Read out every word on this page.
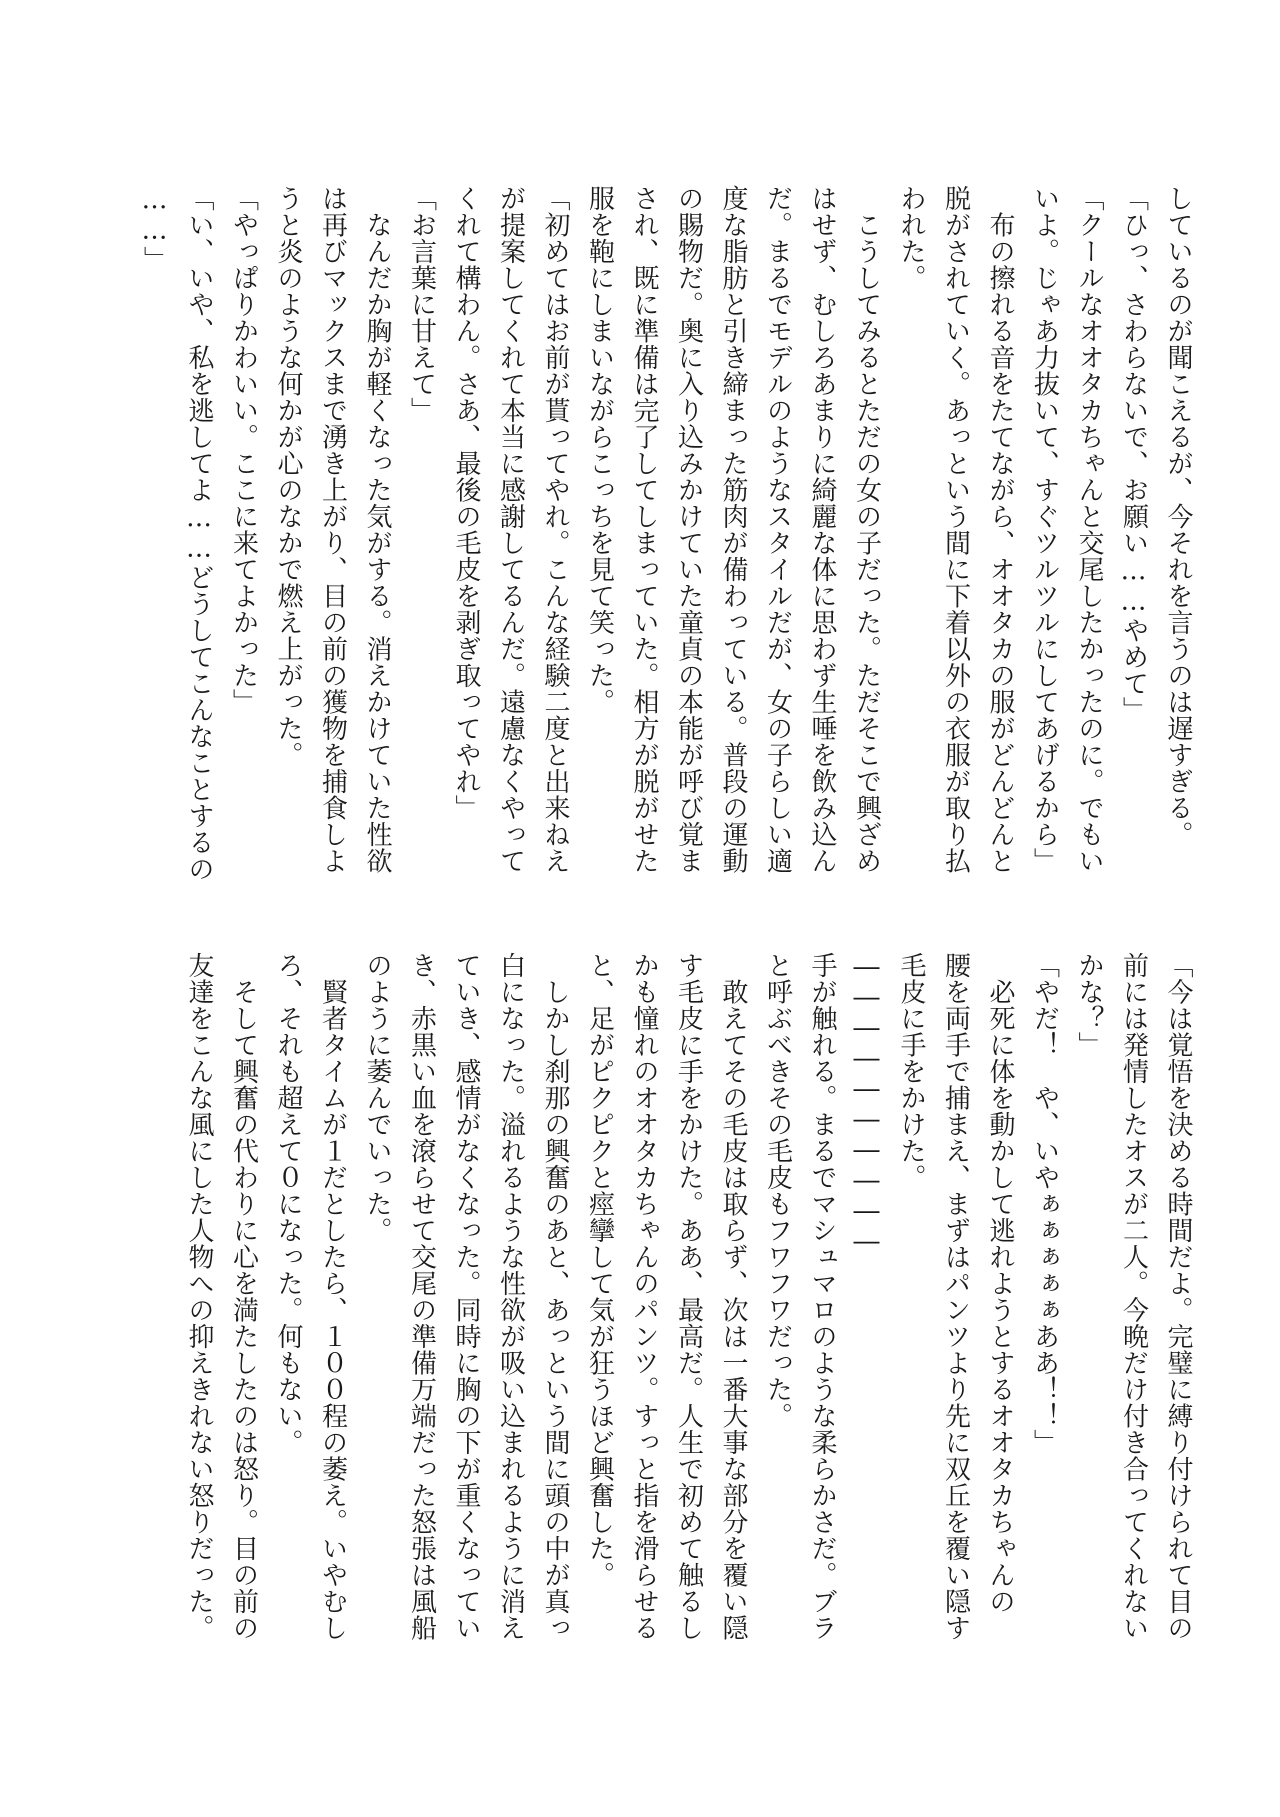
しているのが聞こえるが、今それを言うのは遅すぎる。
「ひっ、さわらないで、お願い……やめて」
「クールなオオタカちゃんと交尾したかったのに。でもい
いよ。じゃあ力抜いて、すぐツルツルにしてあげるから」
　布の擦れる音をたてながら、オオタカの服がどんどんと
脱がされていく。あっという間に下着以外の衣服が取り払
われた。
　こうしてみるとただの女の子だった。ただそこで興ざめ
はせず、むしろあまりに綺麗な体に思わず生唾を飲み込ん
だ。まるでモデルのようなスタイルだが、女の子らしい適
度な脂肪と引き締まった筋肉が備わっている。普段の運動
の賜物だ。奥に入り込みかけていた童貞の本能が呼び覚ま
され、既に準備は完了してしまっていた。相方が脱がせた
服を鞄にしまいながらこっちを見て笑った。
「初めてはお前が貰ってやれ。こんな経験二度と出来ねえ
が提案してくれて本当に感謝してるんだ。遠慮なくやって
くれて構わん。さあ、最後の毛皮を剥ぎ取ってやれ」
「お言葉に甘えて」
　なんだか胸が軽くなった気がする。消えかけていた性欲
は再びマックスまで湧き上がり、目の前の獲物を捕食しよ
うと炎のような何かが心のなかで燃え上がった。
「やっぱりかわいい。ここに来てよかった」
「い、いや、私を逃してよ……どうしてこんなことするの
……」
「今は覚悟を決める時間だよ。完璧に縛り付けられて目の
前には発情したオスが二人。今晩だけ付き合ってくれない
かな？」
「やだ！　や、いやぁぁぁぁぁああ！！」
　必死に体を動かして逃れようとするオオタカちゃんの
腰を両手で捕まえ、まずはパンツより先に双丘を覆い隠す
毛皮に手をかけた。
――――――――――
手が触れる。まるでマシュマロのような柔らかさだ。ブラ
と呼ぶべきその毛皮もフワフワだった。
　敢えてその毛皮は取らず、次は一番大事な部分を覆い隠
す毛皮に手をかけた。ああ、最高だ。人生で初めて触るし
かも憧れのオオタカちゃんのパンツ。すっと指を滑らせる
と、足がピクピクと痙攣して気が狂うほど興奮した。
　しかし刹那の興奮のあと、あっという間に頭の中が真っ
白になった。溢れるような性欲が吸い込まれるように消え
ていき、感情がなくなった。同時に胸の下が重くなってい
き、赤黒い血を滾らせて交尾の準備万端だった怒張は風船
のように萎んでいった。
　賢者タイムが１だとしたら、１００程の萎え。いやむし
ろ、それも超えて０になった。何もない。
　そして興奮の代わりに心を満たしたのは怒り。目の前の
友達をこんな風にした人物への抑えきれない怒りだった。
